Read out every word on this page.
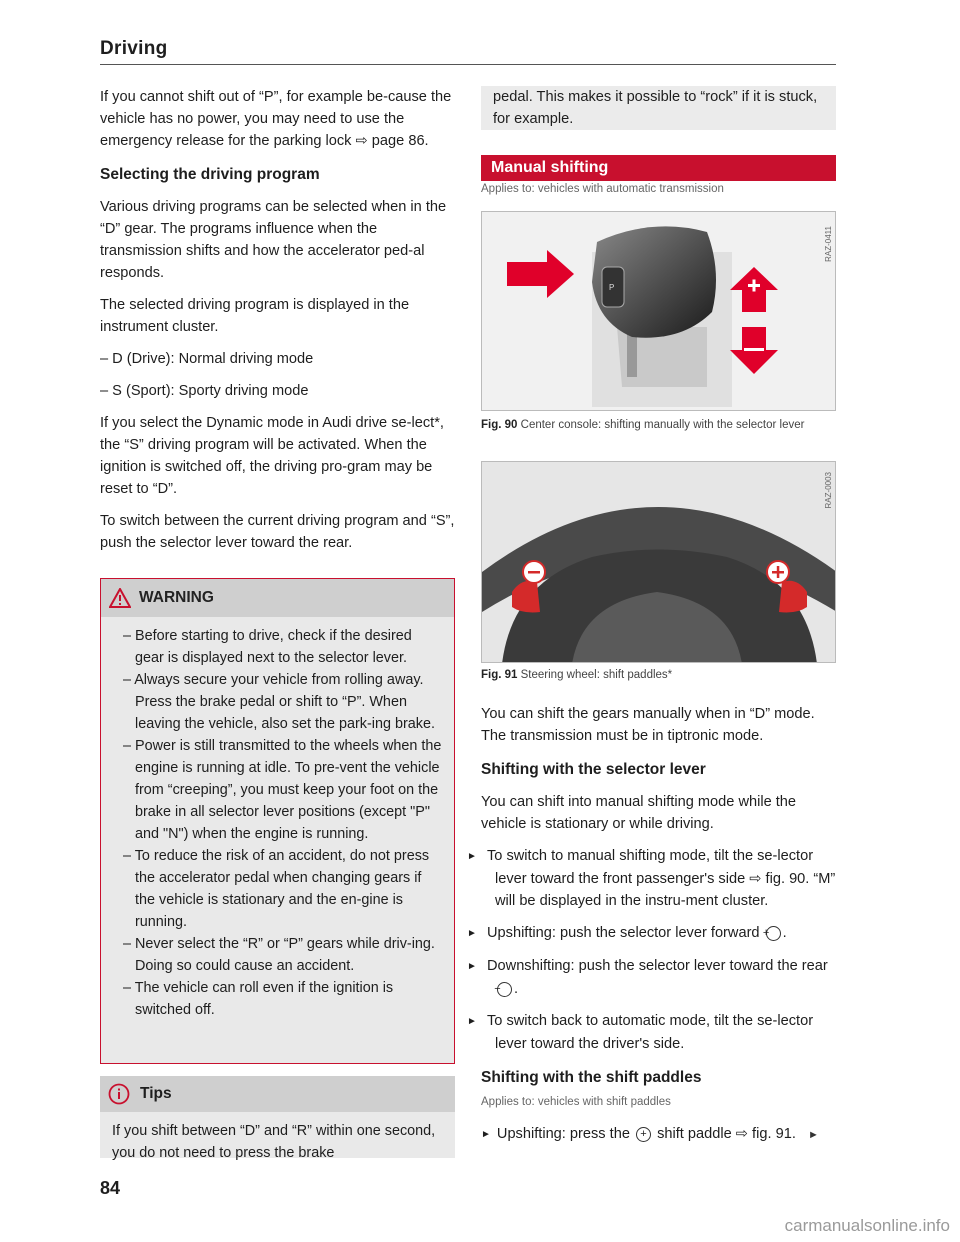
Driving

If you cannot shift out of “P”, for example be-cause the vehicle has no power, you may need to use the emergency release for the parking lock ⇨ page 86.

Selecting the driving program

Various driving programs can be selected when in the “D” gear. The programs influence when the transmission shifts and how the accelerator ped-al responds.

The selected driving program is displayed in the instrument cluster.

– D (Drive): Normal driving mode

– S (Sport): Sporty driving mode

If you select the Dynamic mode in Audi drive se-lect*, the “S” driving program will be activated. When the ignition is switched off, the driving pro-gram may be reset to “D”.

To switch between the current driving program and “S”, push the selector lever toward the rear.

WARNING

– Before starting to drive, check if the desired gear is displayed next to the selector lever.

– Always secure your vehicle from rolling away. Press the brake pedal or shift to “P”. When leaving the vehicle, also set the park-ing brake.

– Power is still transmitted to the wheels when the engine is running at idle. To pre-vent the vehicle from “creeping”, you must keep your foot on the brake in all selector lever positions (except "P" and "N") when the engine is running.

– To reduce the risk of an accident, do not press the accelerator pedal when changing gears if the vehicle is stationary and the en-gine is running.

– Never select the “R” or “P” gears while driv-ing. Doing so could cause an accident.

– The vehicle can roll even if the ignition is switched off.

Tips
If you shift between “D” and “R” within one second, you do not need to press the brake
pedal. This makes it possible to “rock” if it is stuck, for example.
Manual shifting
Applies to: vehicles with automatic transmission
P
RAZ-0411
Fig. 90 Center console: shifting manually with the selector lever
RAZ-0003
Fig. 91 Steering wheel: shift paddles*

You can shift the gears manually when in “D” mode. The transmission must be in tiptronic mode.

Shifting with the selector lever

You can shift into manual shifting mode while the vehicle is stationary or while driving.

► To switch to manual shifting mode, tilt the se-lector lever toward the front passenger's side ⇨ fig. 90. “M” will be displayed in the instru-ment cluster.

► Upshifting: push the selector lever forward + .

► Downshifting: push the selector lever toward the rear − .

► To switch back to automatic mode, tilt the se-lector lever toward the driver's side.

Shifting with the shift paddles
Applies to: vehicles with shift paddles

► Upshifting: press the + shift paddle ⇨ fig. 91. ►

84
carmanualsonline.info
